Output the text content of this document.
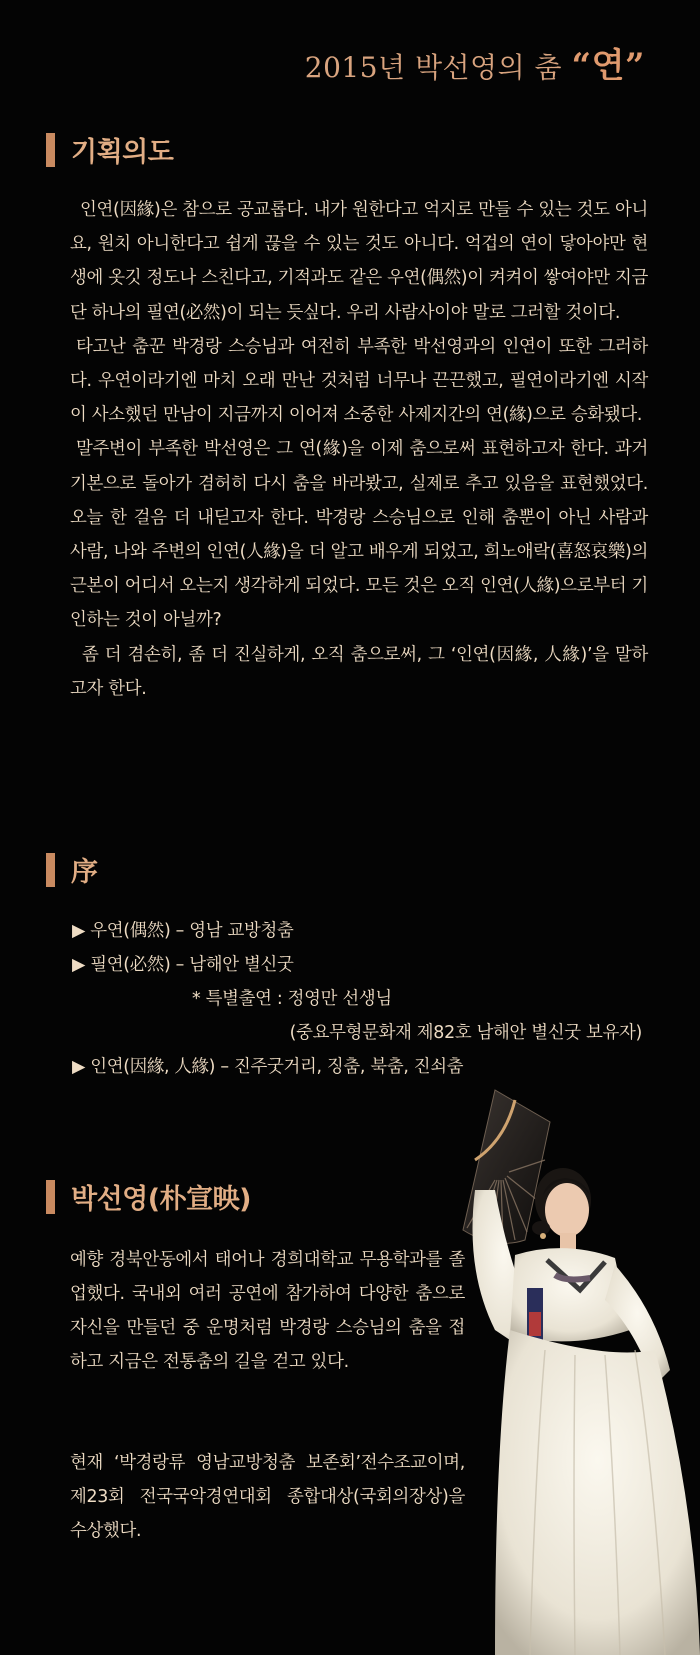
2015년 박선영의 춤 “연”
기획의도

인연(因緣)은 참으로 공교롭다. 내가 원한다고 억지로 만들 수 있는 것도 아니요, 원치 아니한다고 쉽게 끊을 수 있는 것도 아니다. 억겁의 연이 닿아야만 현생에 옷깃 정도나 스친다고, 기적과도 같은 우연(偶然)이 켜켜이 쌓여야만 지금 단 하나의 필연(必然)이 되는 듯싶다. 우리 사람사이야 말로 그러할 것이다.

타고난 춤꾼 박경랑 스승님과 여전히 부족한 박선영과의 인연이 또한 그러하다. 우연이라기엔 마치 오래 만난 것처럼 너무나 끈끈했고, 필연이라기엔 시작이 사소했던 만남이 지금까지 이어져 소중한 사제지간의 연(緣)으로 승화됐다.

말주변이 부족한 박선영은 그 연(緣)을 이제 춤으로써 표현하고자 한다. 과거 기본으로 돌아가 겸허히 다시 춤을 바라봤고, 실제로 추고 있음을 표현했었다. 오늘 한 걸음 더 내딛고자 한다. 박경랑 스승님으로 인해 춤뿐이 아닌 사람과 사람, 나와 주변의 인연(人緣)을 더 알고 배우게 되었고, 희노애락(喜怒哀樂)의 근본이 어디서 오는지 생각하게 되었다. 모든 것은 오직 인연(人緣)으로부터 기인하는 것이 아닐까?

좀 더 겸손히, 좀 더 진실하게, 오직 춤으로써, 그 ‘인연(因緣, 人緣)’을 말하고자 한다.

序
▶ 우연(偶然) – 영남 교방청춤
▶ 필연(必然) – 남해안 별신굿
* 특별출연 : 정영만 선생님
(중요무형문화재 제82호 남해안 별신굿 보유자)
▶ 인연(因緣, 人緣) – 진주굿거리, 징춤, 북춤, 진쇠춤
박선영(朴宣映)

예향 경북안동에서 태어나 경희대학교 무용학과를 졸업했다. 국내외 여러 공연에 참가하여 다양한 춤으로 자신을 만들던 중 운명처럼 박경랑 스승님의 춤을 접하고 지금은 전통춤의 길을 걷고 있다.

현재 ‘박경랑류 영남교방청춤 보존회’전수조교이며, 제23회 전국국악경연대회 종합대상(국회의장상)을 수상했다.
